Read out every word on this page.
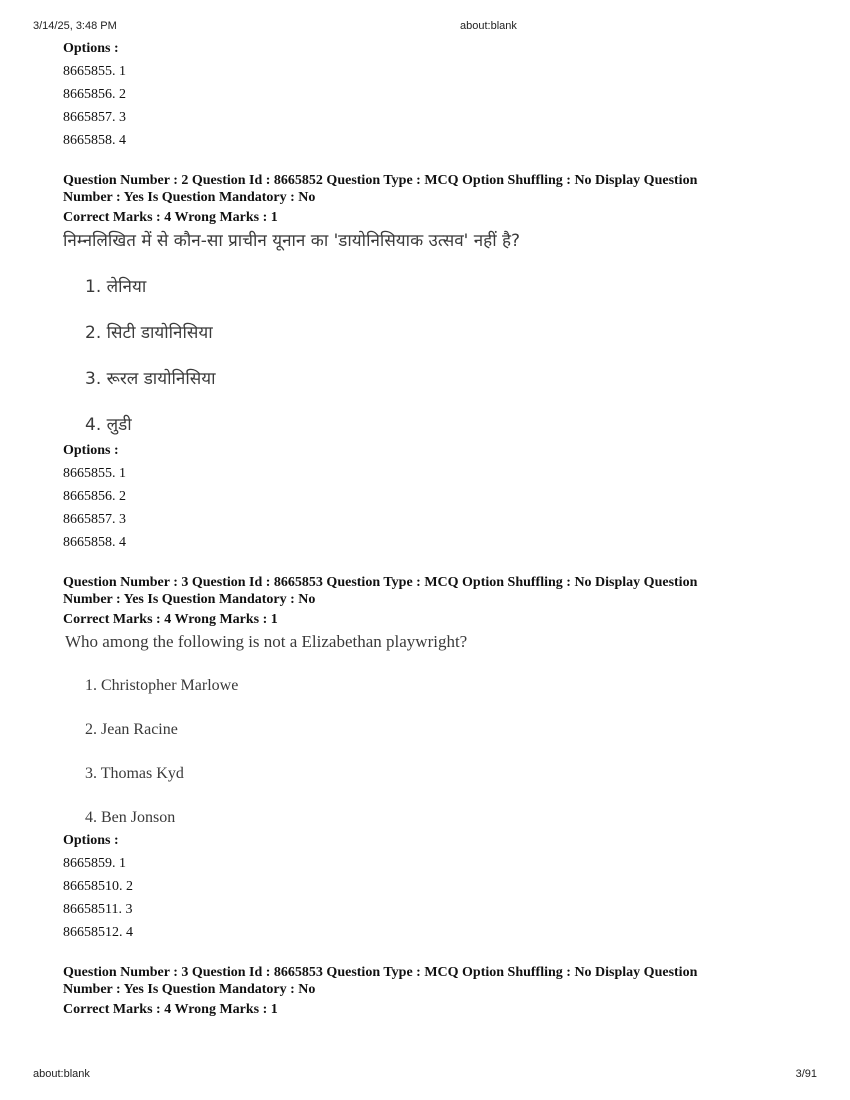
3/14/25, 3:48 PM	about:blank

Options :

8665855. 1

8665856. 2

8665857. 3

8665858. 4

Question Number : 2 Question Id : 8665852 Question Type : MCQ Option Shuffling : No Display Question

Number : Yes Is Question Mandatory : No

Correct Marks : 4 Wrong Marks : 1

निम्नलिखित में से कौन-सा प्राचीन यूनान का 'डायोनिसियाक उत्सव' नहीं है?

1. लेनिया

2. सिटी डायोनिसिया

3. रूरल डायोनिसिया

4. लुडी

Options :

8665855. 1

8665856. 2

8665857. 3

8665858. 4

Question Number : 3 Question Id : 8665853 Question Type : MCQ Option Shuffling : No Display Question

Number : Yes Is Question Mandatory : No

Correct Marks : 4 Wrong Marks : 1

Who among the following is not a Elizabethan playwright?

1. Christopher Marlowe

2. Jean Racine

3. Thomas Kyd

4. Ben Jonson

Options :

8665859. 1

86658510. 2

86658511. 3

86658512. 4

Question Number : 3 Question Id : 8665853 Question Type : MCQ Option Shuffling : No Display Question

Number : Yes Is Question Mandatory : No

Correct Marks : 4 Wrong Marks : 1

about:blank	3/91
